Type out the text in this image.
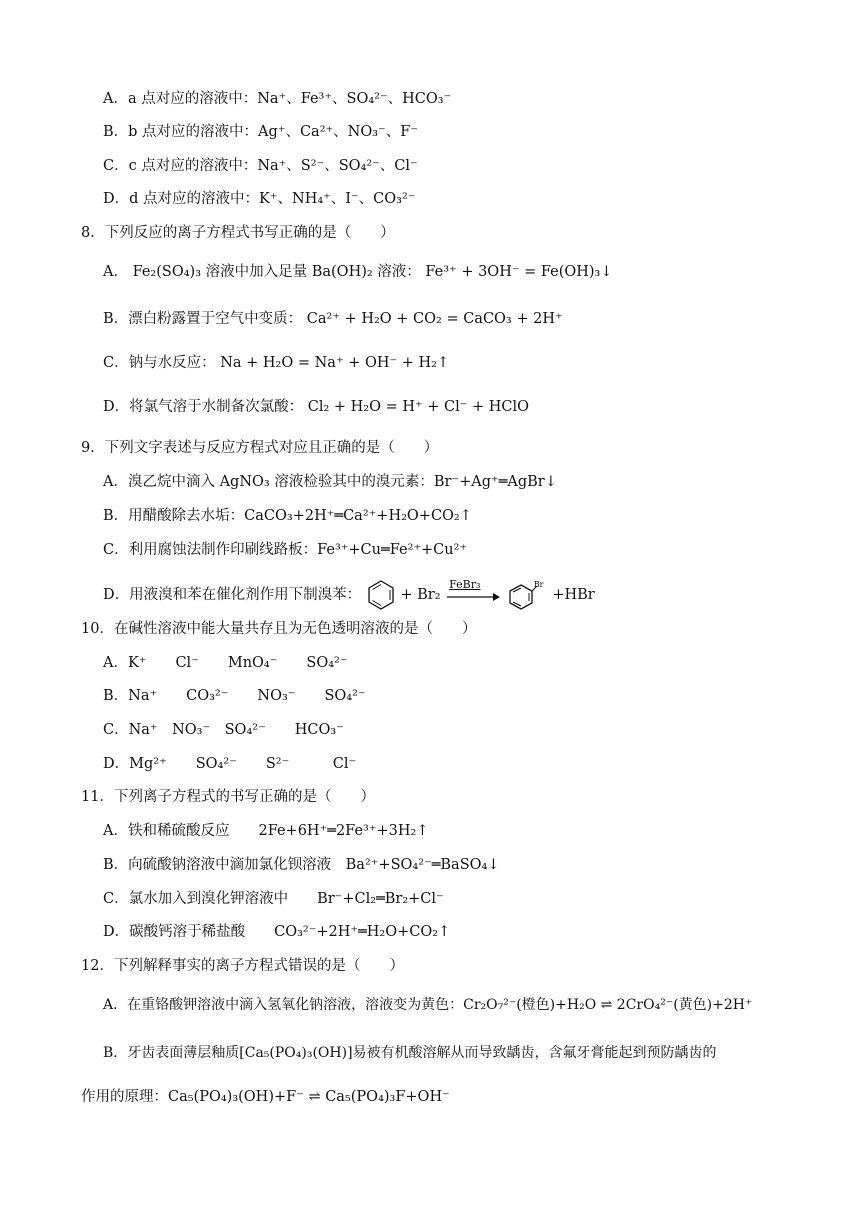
A．a 点对应的溶液中：Na⁺、Fe³⁺、SO₄²⁻、HCO₃⁻
B．b 点对应的溶液中：Ag⁺、Ca²⁺、NO₃⁻、F⁻
C．c 点对应的溶液中：Na⁺、S²⁻、SO₄²⁻、Cl⁻
D．d 点对应的溶液中：K⁺、NH₄⁺、I⁻、CO₃²⁻
8．下列反应的离子方程式书写正确的是（　　）
A． Fe₂(SO₄)₃ 溶液中加入足量 Ba(OH)₂ 溶液： Fe³⁺ + 3OH⁻ = Fe(OH)₃↓
B．漂白粉露置于空气中变质： Ca²⁺ + H₂O + CO₂ = CaCO₃ + 2H⁺
C．钠与水反应： Na + H₂O = Na⁺ + OH⁻ + H₂↑
D．将氯气溶于水制备次氯酸： Cl₂ + H₂O = H⁺ + Cl⁻ + HClO
9．下列文字表述与反应方程式对应且正确的是（　　）
A．溴乙烷中滴入 AgNO₃ 溶液检验其中的溴元素：Br⁻+Ag⁺═AgBr↓
B．用醋酸除去水垢：CaCO₃+2H⁺═Ca²⁺+H₂O+CO₂↑
C．利用腐蚀法制作印刷线路板：Fe³⁺+Cu═Fe²⁺+Cu²⁺
D．用液溴和苯在催化剂作用下制溴苯：	+ Br₂
FeBr₃
	Br
+HBr
10．在碱性溶液中能大量共存且为无色透明溶液的是（　　）
A．K⁺　　Cl⁻　　MnO₄⁻　　SO₄²⁻
B．Na⁺　　CO₃²⁻　　NO₃⁻　　SO₄²⁻
C．Na⁺　NO₃⁻　SO₄²⁻　　HCO₃⁻
D．Mg²⁺　　SO₄²⁻　　S²⁻　　　Cl⁻
11．下列离子方程式的书写正确的是（　　）
A．铁和稀硫酸反应　　2Fe+6H⁺═2Fe³⁺+3H₂↑
B．向硫酸钠溶液中滴加氯化钡溶液　Ba²⁺+SO₄²⁻═BaSO₄↓
C．氯水加入到溴化钾溶液中　　Br⁻+Cl₂═Br₂+Cl⁻
D．碳酸钙溶于稀盐酸　　CO₃²⁻+2H⁺═H₂O+CO₂↑
12．下列解释事实的离子方程式错误的是（　　）
A．在重铬酸钾溶液中滴入氢氧化钠溶液，溶液变为黄色：Cr₂O₇²⁻(橙色)+H₂O ⇌ 2CrO₄²⁻(黄色)+2H⁺
B．牙齿表面薄层釉质[Ca₅(PO₄)₃(OH)]易被有机酸溶解从而导致龋齿，含氟牙膏能起到预防龋齿的
作用的原理：Ca₅(PO₄)₃(OH)+F⁻ ⇌ Ca₅(PO₄)₃F+OH⁻
